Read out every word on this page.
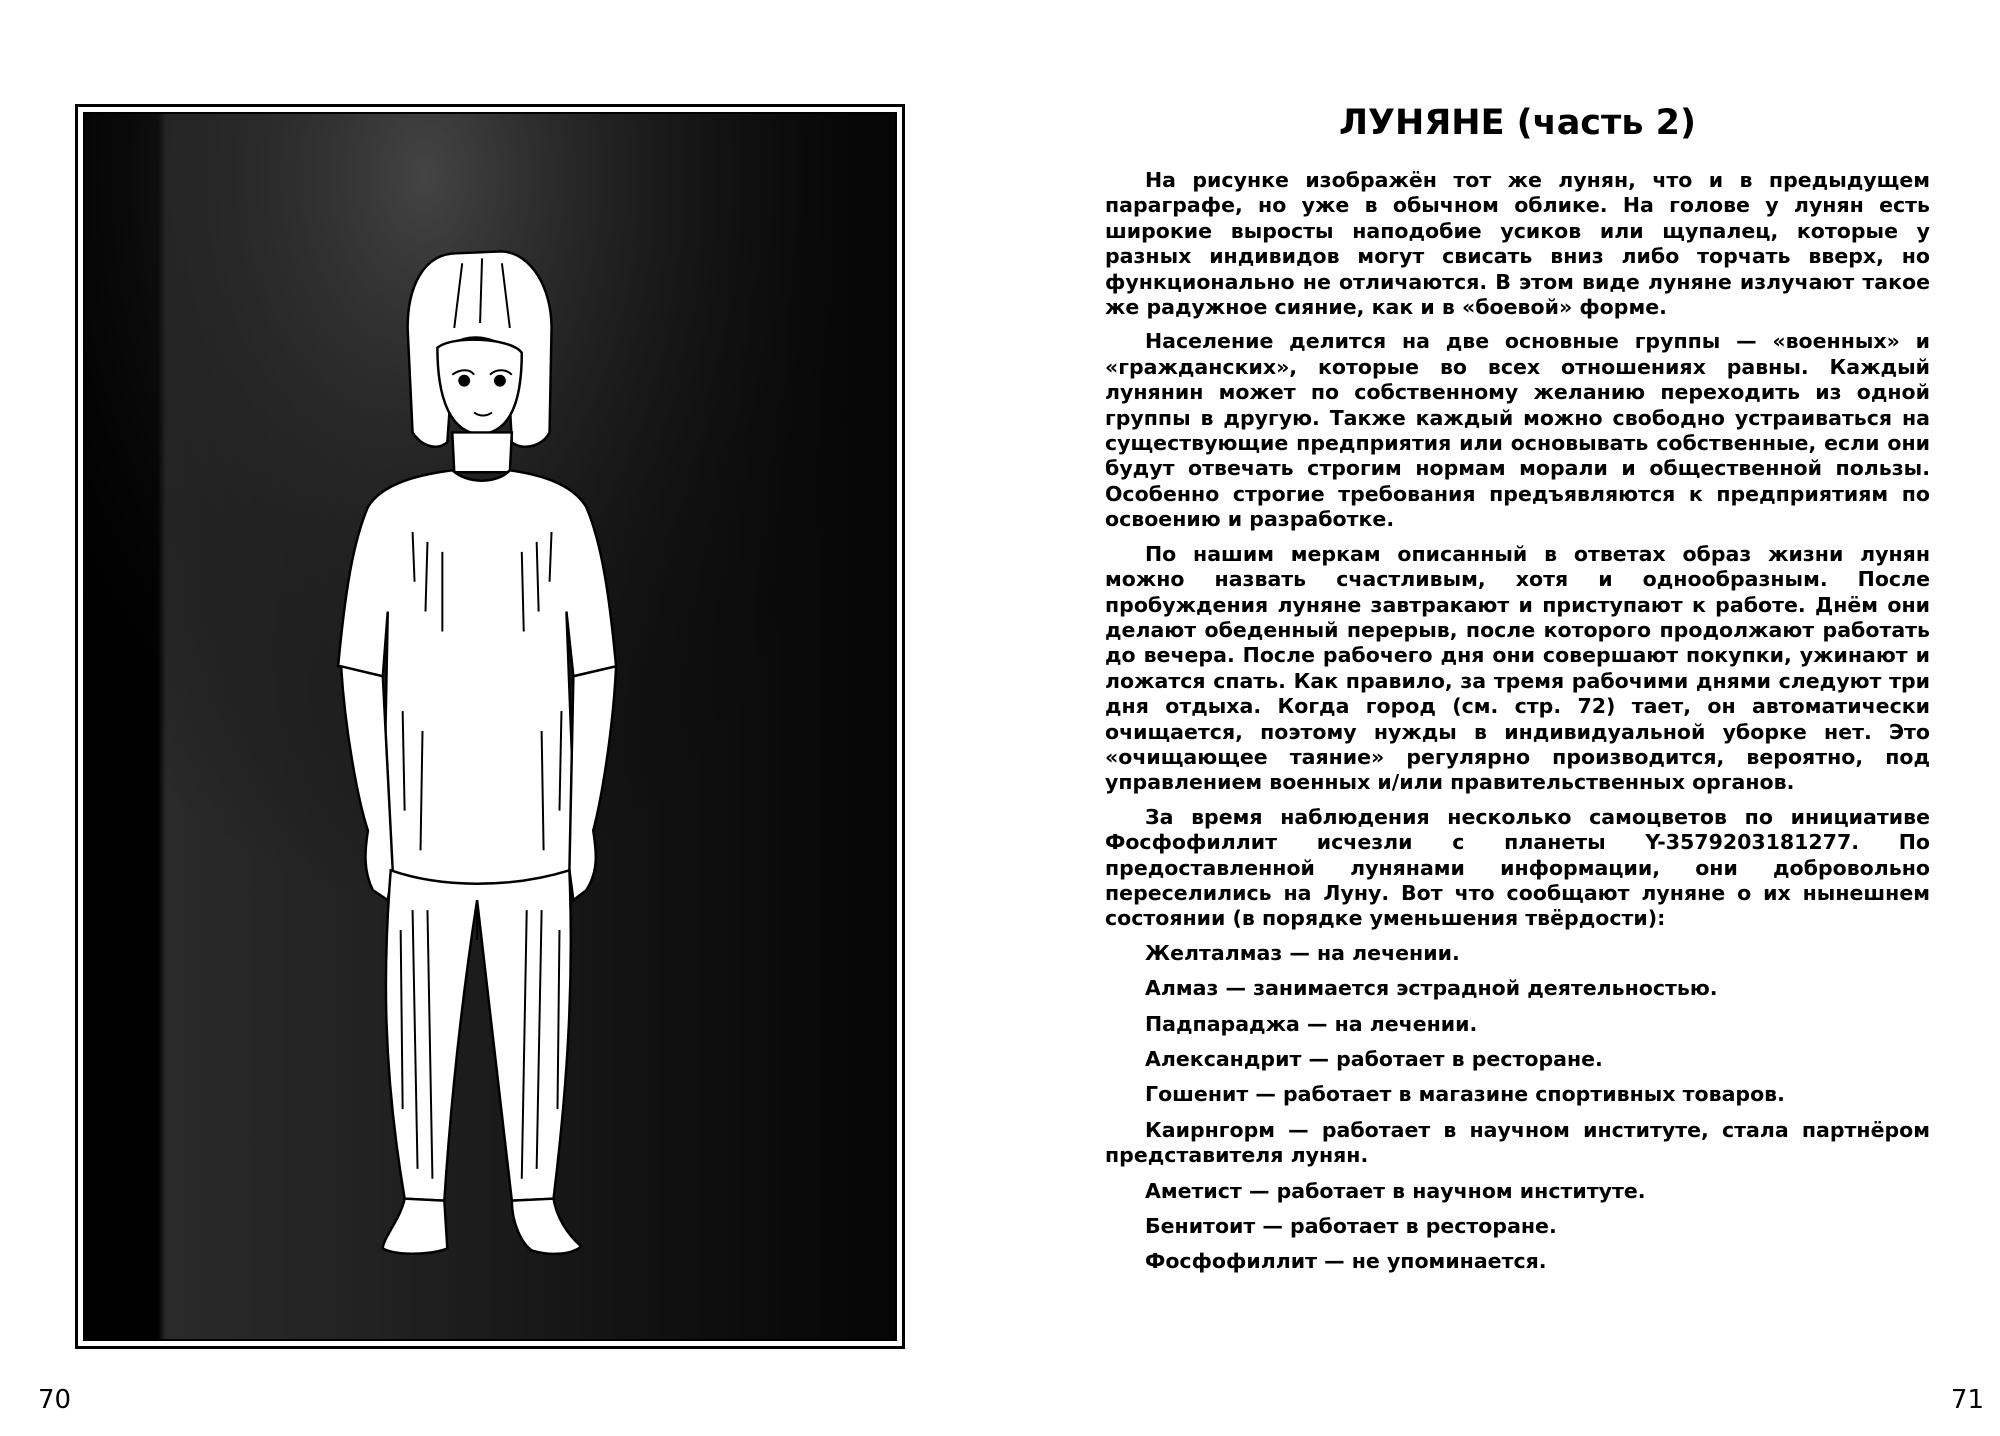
70
ЛУНЯНЕ (часть 2)

На рисунке изображён тот же лунян, что и в предыдущем параграфе, но уже в обычном облике. На голове у лунян есть широкие выросты наподобие усиков или щупалец, которые у разных индивидов могут свисать вниз либо торчать вверх, но функционально не отличаются. В этом виде луняне излучают такое же радужное сияние, как и в «боевой» форме.

Население делится на две основные группы — «военных» и «гражданских», которые во всех отношениях равны. Каждый лунянин может по собственному желанию переходить из одной группы в другую. Также каждый можно свободно устраиваться на существующие предприятия или основывать собственные, если они будут отвечать строгим нормам морали и общественной пользы. Особенно строгие требования предъявляются к предприятиям по освоению и разработке.

По нашим меркам описанный в ответах образ жизни лунян можно назвать счастливым, хотя и однообразным. После пробуждения луняне завтракают и приступают к работе. Днём они делают обеденный перерыв, после которого продолжают работать до вечера. После рабочего дня они совершают покупки, ужинают и ложатся спать. Как правило, за тремя рабочими днями следуют три дня отдыха. Когда город (см. стр. 72) тает, он автоматически очищается, поэтому нужды в индивидуальной уборке нет. Это «очищающее таяние» регулярно производится, вероятно, под управлением военных и/или правительственных органов.

За время наблюдения несколько самоцветов по инициативе Фосфофиллит исчезли с планеты Y-3579203181277. По предоставленной лунянами информации, они добровольно переселились на Луну. Вот что сообщают луняне о их нынешнем состоянии (в порядке уменьшения твёрдости):

Желталмаз — на лечении.
Алмаз — занимается эстрадной деятельностью.
Падпараджа — на лечении.
Александрит — работает в ресторане.
Гошенит — работает в магазине спортивных товаров.
Каирнгорм — работает в научном институте, стала партнёром представителя лунян.
Аметист — работает в научном институте.
Бенитоит — работает в ресторане.
Фосфофиллит — не упоминается.
71
